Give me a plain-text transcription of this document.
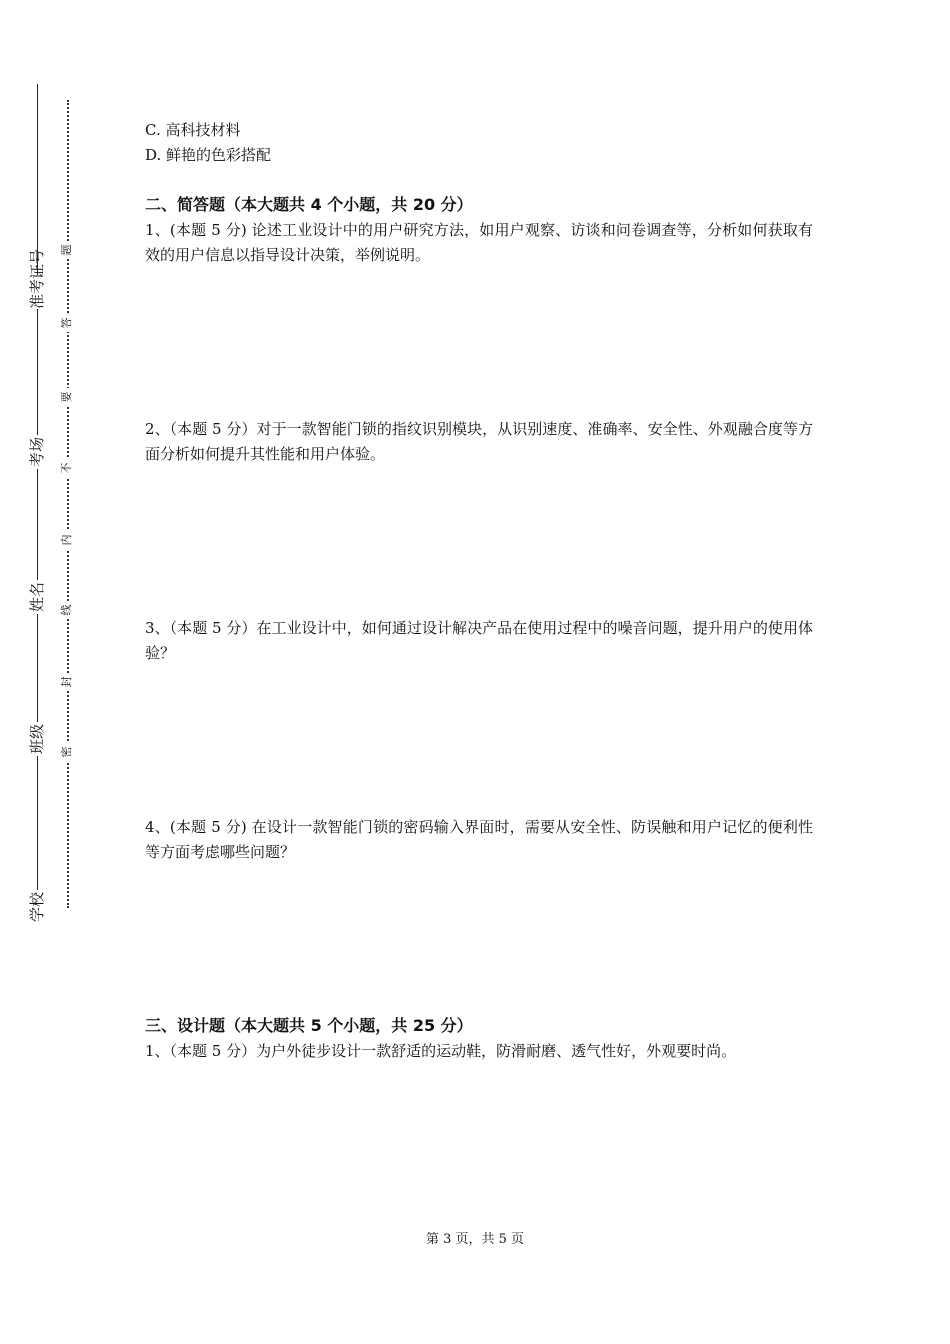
准考证号
考场
姓名
班级
学校
题
答
要
不
内
线
封
密
C. 高科技材料
D. 鲜艳的色彩搭配
二、简答题（本大题共 4 个小题，共 20 分）
1、(本题 5 分) 论述工业设计中的用户研究方法，如用户观察、访谈和问卷调查等，分析如何获取有效的用户信息以指导设计决策，举例说明。
2、（本题 5 分）对于一款智能门锁的指纹识别模块，从识别速度、准确率、安全性、外观融合度等方面分析如何提升其性能和用户体验。
3、（本题 5 分）在工业设计中，如何通过设计解决产品在使用过程中的噪音问题，提升用户的使用体验？
4、(本题 5 分) 在设计一款智能门锁的密码输入界面时，需要从安全性、防误触和用户记忆的便利性等方面考虑哪些问题？
三、设计题（本大题共 5 个小题，共 25 分）
1、（本题 5 分）为户外徒步设计一款舒适的运动鞋，防滑耐磨、透气性好，外观要时尚。
第 3 页，共 5 页
